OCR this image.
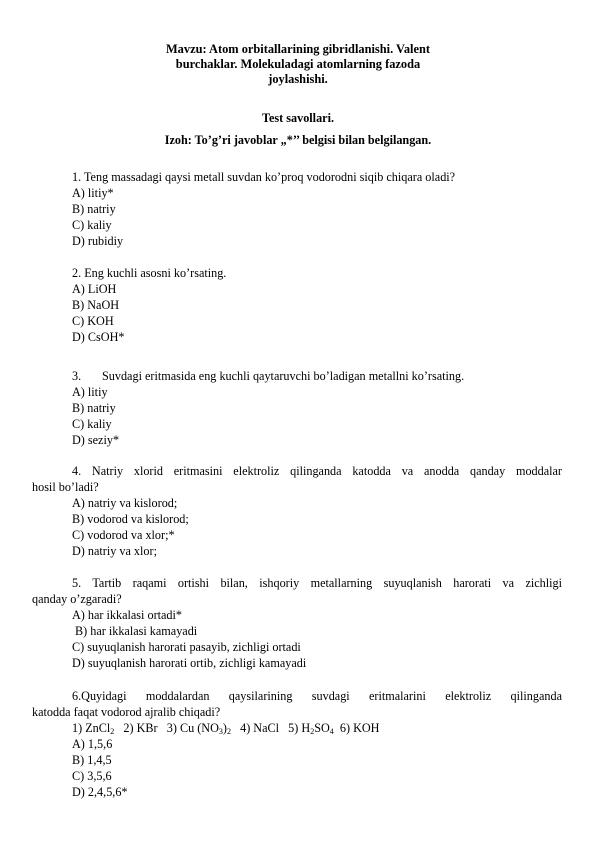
Mavzu: Atom orbitallarining gibridlanishi. Valent
burchaklar. Molekuladagi atomlarning fazoda
joylashishi.
Test savollari.
Izoh: To’g’ri javoblar „*’’ belgisi bilan belgilangan.
1. Teng massadagi qaysi metall suvdan ko’proq vodorodni siqib chiqara oladi?
A) litiy*
B) natriy
C) kaliy
D) rubidiy
2. Eng kuchli asosni ko’rsating.
A) LiOH
B) NaOH
C) KOH
D) CsOH*
3. Suvdagi eritmasida eng kuchli qaytaruvchi bo’ladigan metallni ko’rsating.
A) litiy
B) natriy
C) kaliy
D) seziy*
4. Natriy xlorid eritmasini elektroliz qilinganda katodda va anodda qanday moddalar
hosil bo’ladi?
A) natriy va kislorod;
B) vodorod va kislorod;
C) vodorod va xlor;*
D) natriy va xlor;
5. Tartib raqami ortishi bilan, ishqoriy metallarning suyuqlanish harorati va zichligi
qanday o’zgaradi?
A) har ikkalasi ortadi*
B) har ikkalasi kamayadi
C) suyuqlanish harorati pasayib, zichligi ortadi
D) suyuqlanish harorati ortib, zichligi kamayadi
6.Quyidagi moddalardan qaysilarining suvdagi eritmalarini elektroliz qilinganda
katodda faqat vodorod ajralib chiqadi?
1) ZnCl$_2$ 2) KBr 3) Cu $(NO_3)_2$ 4) NaCl 5) $H_2SO_4$ 6) KOH
A) 1,5,6
B) 1,4,5
C) 3,5,6
D) 2,4,5,6*
